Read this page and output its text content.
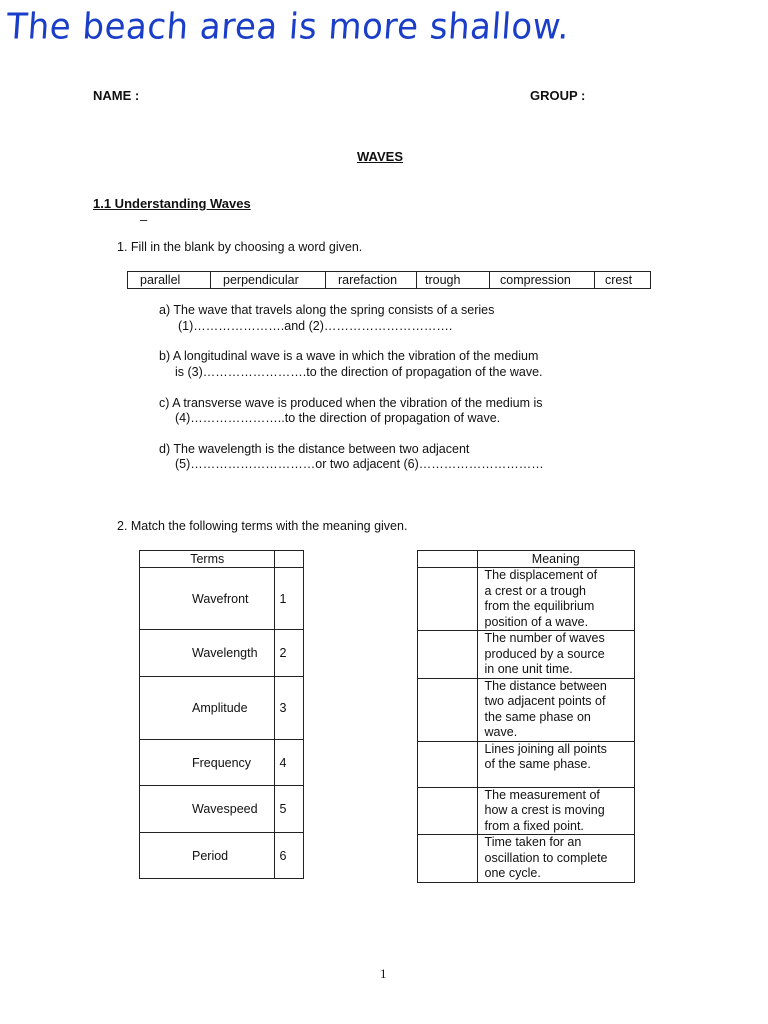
The beach area is more shallow.
NAME :	GROUP :
WAVES
1.1 Understanding Waves
–
1. Fill in the blank by choosing a word given.
parallel	perpendicular	rarefaction	trough	compression	crest
a) The wave that travels along the spring consists of a series
(1)………………….and (2)………………………….
b) A longitudinal wave is a wave in which the vibration of the medium
is (3)…………………….to the direction of propagation of the wave.
c) A transverse wave is produced when the vibration of the medium is
(4)…………………..to the direction of propagation of wave.
d) The wavelength is the distance between two adjacent
(5)…………………………or two adjacent (6)…………………………
2. Match the following terms with the meaning given.
Terms	
Wavefront	1
Wavelength	2
Amplitude	3
Frequency	4
Wavespeed	5
Period	6
	Meaning

	The displacement of
a crest or a trough
from the equilibrium
position of a wave.

	The number of waves
produced by a source
in one unit time.

	The distance between
two adjacent points of
the same phase on
wave.

	Lines joining all points
of the same phase.

	The measurement of
how a crest is moving
from a fixed point.

	Time taken for an
oscillation to complete
one cycle.
1
